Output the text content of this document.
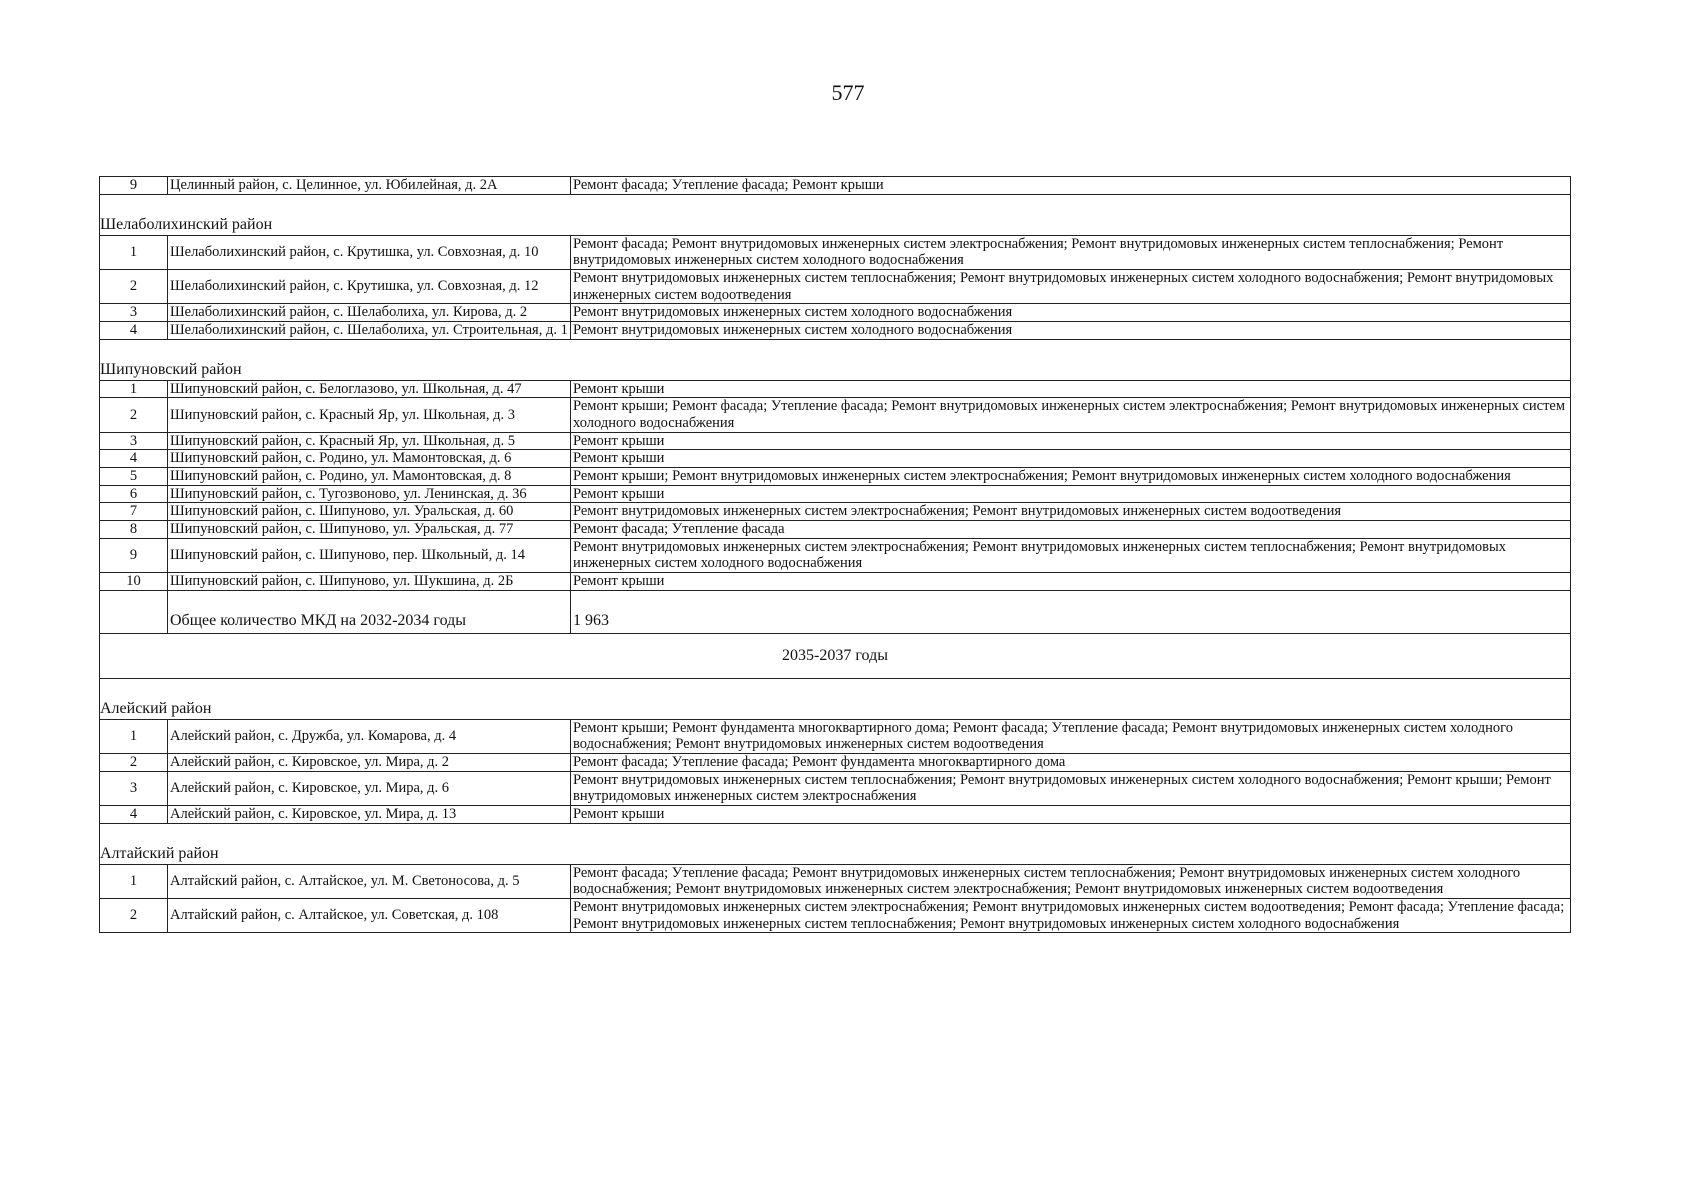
577
9	Целинный район, с. Целинное, ул. Юбилейная, д. 2А	Ремонт фасада; Утепление фасада; Ремонт крыши
Шелаболихинский район		
1	Шелаболихинский район, с. Крутишка, ул. Совхозная, д. 10	Ремонт фасада; Ремонт внутридомовых инженерных систем электроснабжения; Ремонт внутридомовых инженерных систем теплоснабжения; Ремонт внутридомовых инженерных систем холодного водоснабжения
2	Шелаболихинский район, с. Крутишка, ул. Совхозная, д. 12	Ремонт внутридомовых инженерных систем теплоснабжения; Ремонт внутридомовых инженерных систем холодного водоснабжения; Ремонт внутридомовых инженерных систем водоотведения
3	Шелаболихинский район, с. Шелаболиха, ул. Кирова, д. 2	Ремонт внутридомовых инженерных систем холодного водоснабжения
4	Шелаболихинский район, с. Шелаболиха, ул. Строительная, д. 1	Ремонт внутридомовых инженерных систем холодного водоснабжения
Шипуновский район		
1	Шипуновский район, с. Белоглазово, ул. Школьная, д. 47	Ремонт крыши
2	Шипуновский район, с. Красный Яр, ул. Школьная, д. 3	Ремонт крыши; Ремонт фасада; Утепление фасада; Ремонт внутридомовых инженерных систем электроснабжения; Ремонт внутридомовых инженерных систем холодного водоснабжения
3	Шипуновский район, с. Красный Яр, ул. Школьная, д. 5	Ремонт крыши
4	Шипуновский район, с. Родино, ул. Мамонтовская, д. 6	Ремонт крыши
5	Шипуновский район, с. Родино, ул. Мамонтовская, д. 8	Ремонт крыши; Ремонт внутридомовых инженерных систем электроснабжения; Ремонт внутридомовых инженерных систем холодного водоснабжения
6	Шипуновский район, с. Тугозвоново, ул. Ленинская, д. 36	Ремонт крыши
7	Шипуновский район, с. Шипуново, ул. Уральская, д. 60	Ремонт внутридомовых инженерных систем электроснабжения; Ремонт внутридомовых инженерных систем водоотведения
8	Шипуновский район, с. Шипуново, ул. Уральская, д. 77	Ремонт фасада; Утепление фасада
9	Шипуновский район, с. Шипуново, пер. Школьный, д. 14	Ремонт внутридомовых инженерных систем электроснабжения; Ремонт внутридомовых инженерных систем теплоснабжения; Ремонт внутридомовых инженерных систем холодного водоснабжения
10	Шипуновский район, с. Шипуново, ул. Шукшина, д. 2Б	Ремонт крыши
	Общее количество МКД на 2032-2034 годы	1 963
2035-2037 годы		
Алейский район		
1	Алейский район, с. Дружба, ул. Комарова, д. 4	Ремонт крыши; Ремонт фундамента многоквартирного дома; Ремонт фасада; Утепление фасада; Ремонт внутридомовых инженерных систем холодного водоснабжения; Ремонт внутридомовых инженерных систем водоотведения
2	Алейский район, с. Кировское, ул. Мира, д. 2	Ремонт фасада; Утепление фасада; Ремонт фундамента многоквартирного дома
3	Алейский район, с. Кировское, ул. Мира, д. 6	Ремонт внутридомовых инженерных систем теплоснабжения; Ремонт внутридомовых инженерных систем холодного водоснабжения; Ремонт крыши; Ремонт внутридомовых инженерных систем электроснабжения
4	Алейский район, с. Кировское, ул. Мира, д. 13	Ремонт крыши
Алтайский район		
1	Алтайский район, с. Алтайское, ул. М. Светоносова, д. 5	Ремонт фасада; Утепление фасада; Ремонт внутридомовых инженерных систем теплоснабжения; Ремонт внутридомовых инженерных систем холодного водоснабжения; Ремонт внутридомовых инженерных систем электроснабжения; Ремонт внутридомовых инженерных систем водоотведения
2	Алтайский район, с. Алтайское, ул. Советская, д. 108	Ремонт внутридомовых инженерных систем электроснабжения; Ремонт внутридомовых инженерных систем водоотведения; Ремонт фасада; Утепление фасада; Ремонт внутридомовых инженерных систем теплоснабжения; Ремонт внутридомовых инженерных систем холодного водоснабжения
